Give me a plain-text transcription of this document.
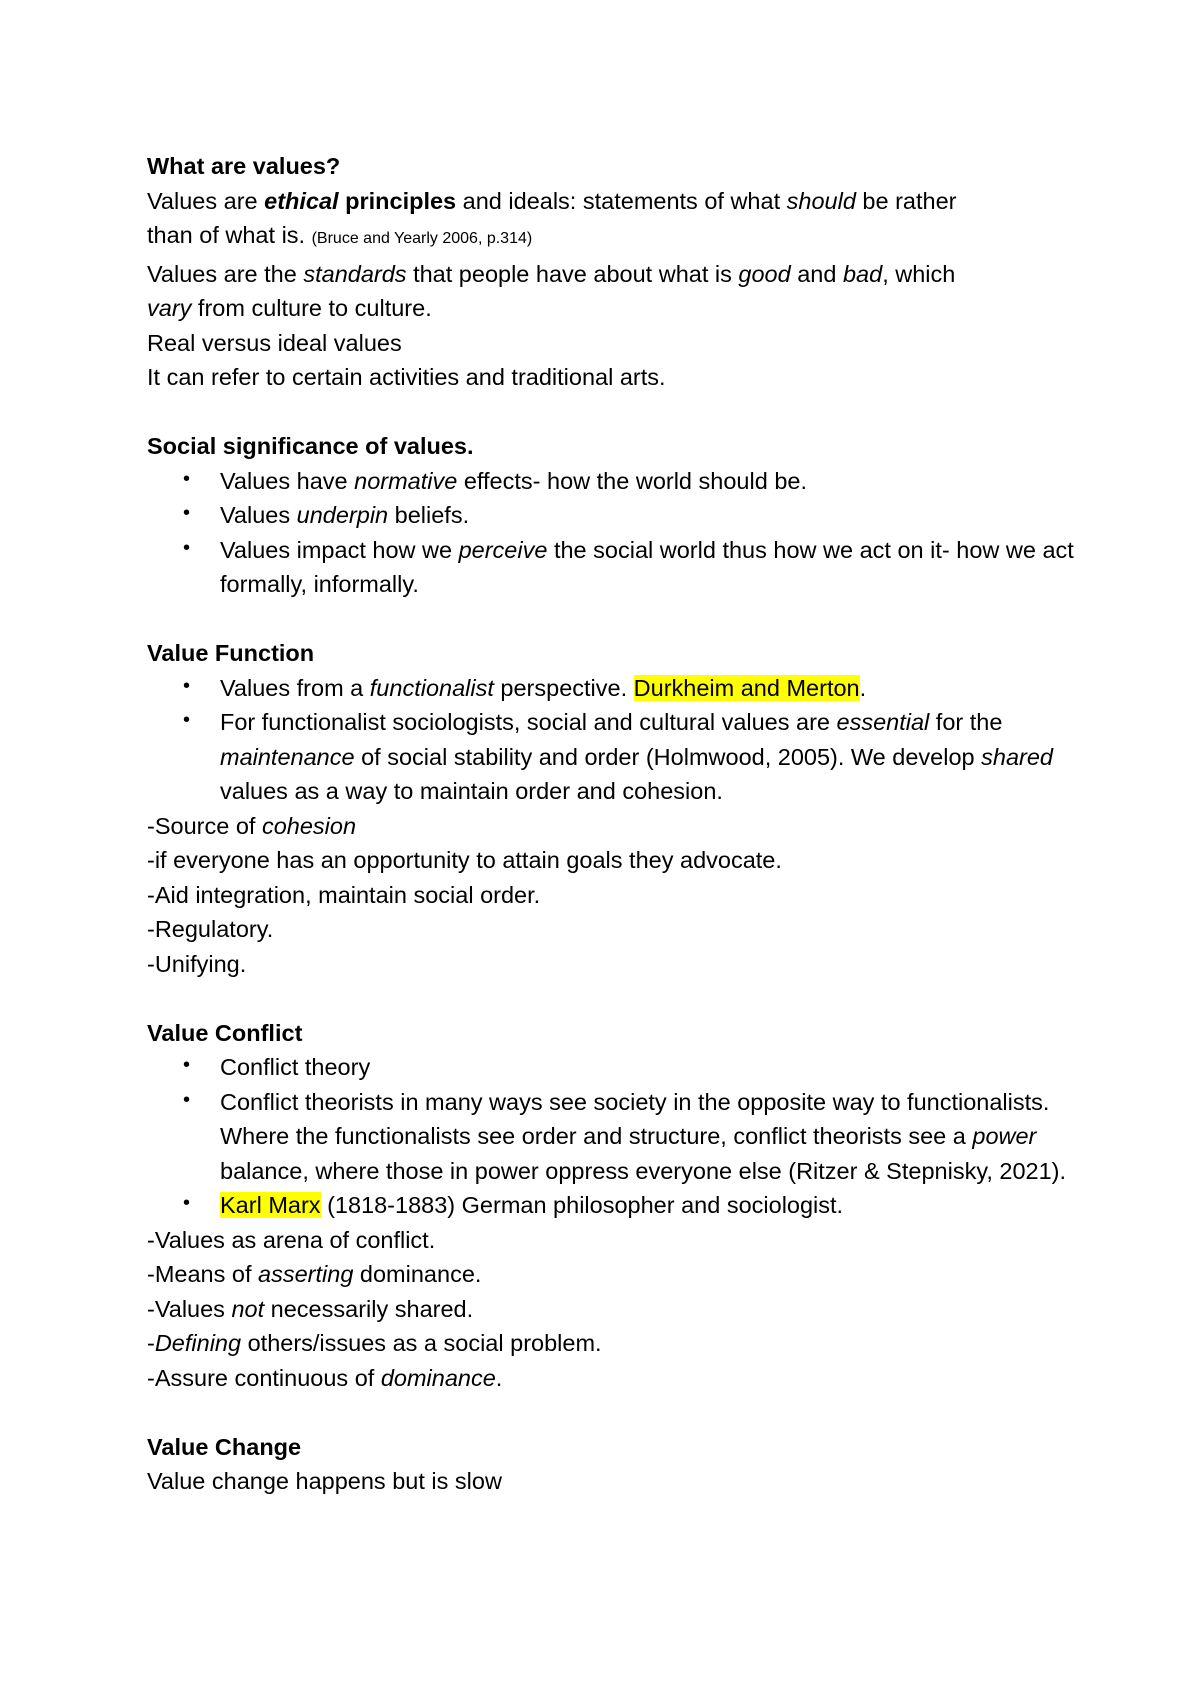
What are values?

Values are ethical principles and ideals: statements of what should be rather

than of what is. (Bruce and Yearly 2006, p.314)

Values are the standards that people have about what is good and bad, which

vary from culture to culture.

Real versus ideal values

It can refer to certain activities and traditional arts.

Social significance of values.

• Values have normative effects- how the world should be.
• Values underpin beliefs.
• Values impact how we perceive the social world thus how we act on it- how we act formally, informally.

Value Function

• Values from a functionalist perspective. Durkheim and Merton.
• For functionalist sociologists, social and cultural values are essential for the maintenance of social stability and order (Holmwood, 2005). We develop shared values as a way to maintain order and cohesion.

-Source of cohesion

-if everyone has an opportunity to attain goals they advocate.

-Aid integration, maintain social order.

-Regulatory.

-Unifying.

Value Conflict

• Conflict theory
• Conflict theorists in many ways see society in the opposite way to functionalists. Where the functionalists see order and structure, conflict theorists see a power balance, where those in power oppress everyone else (Ritzer & Stepnisky, 2021).
• Karl Marx (1818-1883) German philosopher and sociologist.

-Values as arena of conflict.

-Means of asserting dominance.

-Values not necessarily shared.

-Defining others/issues as a social problem.

-Assure continuous of dominance.

Value Change

Value change happens but is slow
